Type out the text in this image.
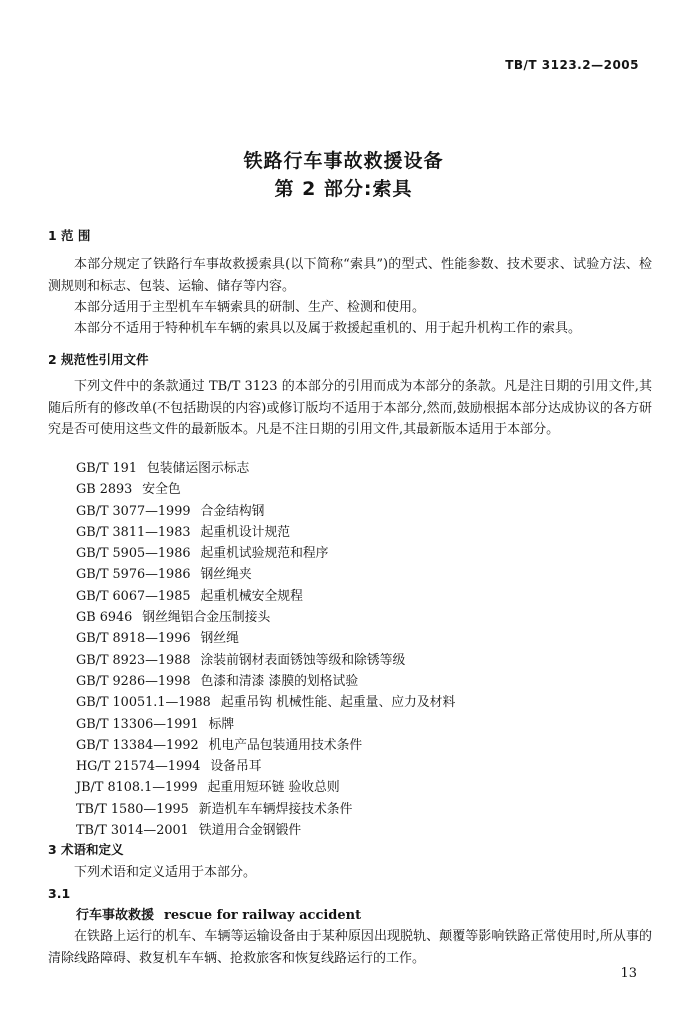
TB/T 3123.2—2005
铁路行车事故救援设备
第 2 部分:索具
1 范 围

本部分规定了铁路行车事故救援索具(以下简称“索具”)的型式、性能参数、技术要求、试验方法、检测规则和标志、包装、运输、储存等内容。

本部分适用于主型机车车辆索具的研制、生产、检测和使用。

本部分不适用于特种机车车辆的索具以及属于救援起重机的、用于起升机构工作的索具。

2 规范性引用文件

下列文件中的条款通过 TB/T 3123 的本部分的引用而成为本部分的条款。凡是注日期的引用文件,其随后所有的修改单(不包括勘误的内容)或修订版均不适用于本部分,然而,鼓励根据本部分达成协议的各方研究是否可使用这些文件的最新版本。凡是不注日期的引用文件,其最新版本适用于本部分。

GB/T 191 包装储运图示标志
GB 2893 安全色
GB/T 3077—1999 合金结构钢
GB/T 3811—1983 起重机设计规范
GB/T 5905—1986 起重机试验规范和程序
GB/T 5976—1986 钢丝绳夹
GB/T 6067—1985 起重机械安全规程
GB 6946 钢丝绳铝合金压制接头
GB/T 8918—1996 钢丝绳
GB/T 8923—1988 涂装前钢材表面锈蚀等级和除锈等级
GB/T 9286—1998 色漆和清漆 漆膜的划格试验
GB/T 10051.1—1988 起重吊钩 机械性能、起重量、应力及材料
GB/T 13306—1991 标牌
GB/T 13384—1992 机电产品包装通用技术条件
HG/T 21574—1994 设备吊耳
JB/T 8108.1—1999 起重用短环链 验收总则
TB/T 1580—1995 新造机车车辆焊接技术条件
TB/T 3014—2001 铁道用合金钢锻件
3 术语和定义

下列术语和定义适用于本部分。

3.1
行车事故救援 rescue for railway accident

在铁路上运行的机车、车辆等运输设备由于某种原因出现脱轨、颠覆等影响铁路正常使用时,所从事的清除线路障碍、救复机车车辆、抢救旅客和恢复线路运行的工作。

13
